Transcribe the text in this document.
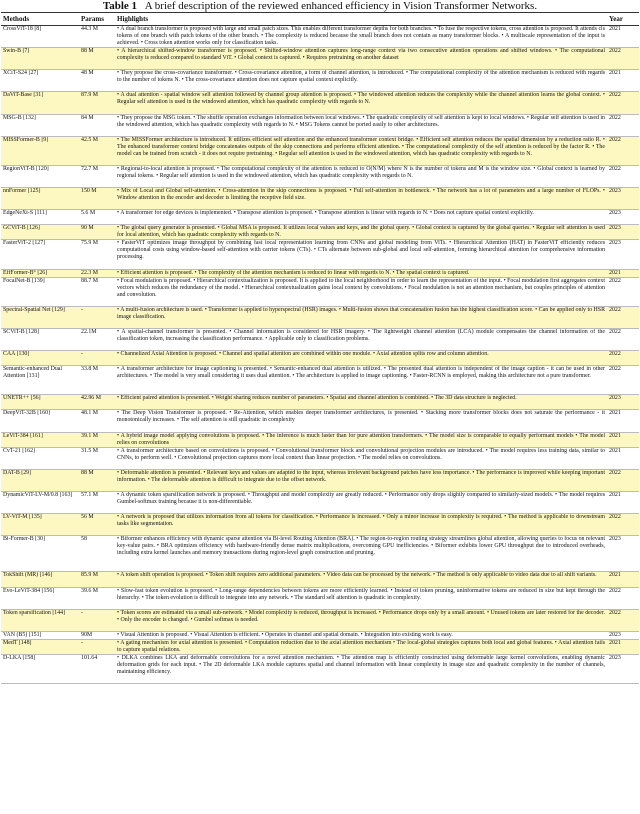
Table 1 A brief description of the reviewed enhanced efficiency in Vision Transformer Networks.
Methods	Params	Highlights	Year
CrossViT-18 [8]	44.3 M	• A dual branch transformer is proposed with large and small patch sizes. This enables different transformer depths for both branches. • To fuse the respective tokens, cross attention is proposed. It attends cls tokens of one branch with patch tokens of the other branch. • The complexity is reduced because the small branch does not contain as many transformer blocks. • A multiscale representation of the input is achieved. • Cross token attention works only for classification tasks.	2021
Swin-B [7]	88 M	• A hierarchical shifted-window transformer is proposed. • Shifted-window attention captures long-range context via two consecutive attention operations and shifted windows. • The computational complexity is reduced compared to standard ViT. • Global context is captured. • Requires pretraining on another dataset	2022
XCiT-S24 [27]	48 M	• They propose the cross-covariance transformer. • Cross-covariance attention, a form of channel attention, is introduced. • The computational complexity of the attention mechanism is reduced with regards to the number of tokens N. • The cross-covariance attention does not capture spatial context explicitly.	2021
DaViT-Base [31]	87.9 M	• A dual attention - spatial window self attention followed by channel group attention is proposed. • The windowed attention reduces the complexity while the channel attention learns the global context. • Regular self attention is used in the windowed attention, which has quadratic complexity with regards to N.	2022
MSG-B [132]	84 M	• They propose the MSG token. • The shuffle operation exchanges information between local windows. • The quadratic complexity of self attention is kept to local windows. • Regular self attention is used in the windowed attention, which has quadratic complexity with regards to N. • MSG Tokens cannot be ported easily to other architectures.	2022
MISSFormer-B [9]	42.5 M	• The MISSFormer architecture is introduced. It utilizes efficient self attention and the enhanced transformer context bridge. • Efficient self attention reduces the spatial dimension by a reduction ratio R. • The enhanced transformer context bridge concatenates outputs of the skip connections and performs efficient attention. • The computational complexity of the self attention is reduced by the factor R. • The model can be trained from scratch - it does not require pretraining. • Regular self attention is used in the windowed attention, which has quadratic complexity with regards to N.	2022
RegionViT-B [120]	72.7 M	• Regional-to-local attention is proposed. • The computational complexity of the attention is reduced to O(N/M) where N is the number of tokens and M is the window size. • Global context is learned by regional tokens. • Regular self attention is used in the windowed attention, which has quadratic complexity with regards to N.	2022
nnFormer [125]	150 M	• Mix of Local and Global self-attention. • Cross-attention in the skip connections is proposed. • Full self-attention in bottleneck. • The network has a lot of parameters and a large number of FLOPs. • Window attention in the encoder and decoder is limiting the receptive field size.	2023
EdgeNeXt-S [111]	5.6 M	• A transformer for edge devices is implemented. • Transpose attention is proposed. • Transpose attention is linear with regards to N. • Does not capture spatial context explicitly.	2023
GCViT-B [126]	90 M	• The global query generator is presented. • Global MSA is proposed. It utilizes local values and keys, and the global query. • Global context is captured by the global queries. • Regular self attention is used for local attention, which has quadratic complexity with regards to N.	2023
FasterViT-2 [127]	75.9 M	• FasterViT optimizes image throughput by combining fast local representation learning from CNNs and global modeling from ViTs. • Hierarchical Attention (HAT) in FasterViT efficiently reduces computational costs using window-based self-attention with carrier tokens (CTs). • CTs alternate between sub-global and local self-attention, forming hierarchical attention for comprehensive information processing.	2023
EffFormer-B° [26]	22.3 M	• Efficient attention is proposed. • The complexity of the attention mechanism is reduced to linear with regards to N. • The spatial context is captured.	2021
FocalNet-B [139]	88.7 M	• Focal modulation is proposed. • Hierarchical contextualization is proposed. It is applied to the local neighborhood in order to learn the representation of the input. • Focal modulation first aggregates context vectors which reduces the redundancy of the model. • Hierarchical contextualization gains local context by convolutions. • Focal modulation is not an attention mechanism, but couples principles of attention and convolution.	2022
Spectral-Spatial Net [129]	-	• A multi-fusion architecture is used. • Transformer is applied to hyperspectral (HSR) images. • Multi-fusion shows that concatenation fusion has the highest classification score. • Can be applied only to HSR image classification.	2022
SCViT-B [128]	22.1M	• A spatial-channel transformer is presented. • Channel information is considered for HSR imagery. • The lightweight channel attention (LCA) module compensates the channel information of the classification token, increasing the classification performance. • Applicable only to classification problems.	2022
CAA [130]	-	• Channelized Axial Attention is proposed. • Channel and spatial attention are combined within one module. • Axial attention splits row and column attention.	2022
Semantic-enhanced Dual Attention [131]	33.8 M	• A transformer architecture for image captioning is presented. • Semantic-enhanced dual attention is utilized. • The presented dual attention is independent of the image caption - it can be used in other architectures. • The model is very small considering it uses dual attention. • The architecture is applied to image captioning. • Faster-RCNN is employed, making this architecture not a pure transformer.	2022
UNETR++ [56]	42.96 M	• Efficient paired attention is presented. • Weight sharing reduces number of parameters. • Spatial and channel attention is combined. • The 3D data structure is neglected.	2023
DeepViT-32B [160]	48.1 M	• The Deep Vision Transformer is proposed. • Re-Attention, which enables deeper transformer architectures, is presented. • Stacking more transformer blocks does not saturate the performance - it monotonically increases. • The self attention is still quadratic in complexity	2021
LeViT-384 [161]	39.1 M	• A hybrid image model applying convolutions is proposed. • The inference is much faster than for pure attention transformers. • The model size is comparable to equally performant models • The model relies on convolutions	2021
CvT-21 [162]	31.5 M	• A transformer architecture based on convolutions is proposed. • Convolutional transformer block and convolutional projection modules are introduced. • The model requires less training data, similar to CNNs, to perform well. • Convolutional projection captures more local context than linear projection. • The model relies on convolutions.	2021
DAT-B [29]	88 M	• Deformable attention is presented. • Relevant keys and values are adapted to the input, whereas irrelevant background patches have less importance. • The performance is improved while keeping important information. • The deformable attention is difficult to integrate due to the offset network.	2022
DynamicViT-LV-M/0.8 [163]	57.1 M	• A dynamic token sparsification network is proposed. • Throughput and model complexity are greatly reduced. • Performance only drops slightly compared to similarly-sized models. • The model requires Gumbel-softmax training because it is non-differentiable.	2021
LV-ViT-M [135]	56 M	• A network is proposed that utilizes information from all tokens for classification. • Performance is increased. • Only a minor increase in complexity is required. • The method is applicable to downstream tasks like segmentation.	2022
Bi-Former-B [30]	58	• Biformer enhances efficiency with dynamic sparse attention via Bi-level Routing Attention (BRA). • The region-to-region routing strategy streamlines global attention, allowing queries to focus on relevant key-value pairs. • BRA optimizes efficiency with hardware-friendly dense matrix multiplications, overcoming GPU inefficiencies. • Biformer exhibits lower GPU throughput due to introduced overheads, including extra kernel launches and memory transactions during region-level graph construction and pruning.	2023
TokShift (MR) [146]	85.9 M	• A token shift operation is proposed. • Token shift requires zero additional parameters. • Video data can be processed by the network. • The method is only applicable to video data due to all shift variants.	2021
Evo-LeViT-384 [156]	39.6 M	• Slow-fast token evolution is proposed. • Long-range dependencies between tokens are more efficiently learned. • Instead of token pruning, uninformative tokens are reduced in size but kept through the hierarchy. • The token evolution is difficult to integrate into any network. • The standard self attention is quadratic in complexity.	2022
Token sparsification [144]	-	• Token scores are estimated via a small sub-network. • Model complexity is reduced, throughput is increased. • Performance drops only by a small amount. • Unused tokens are later restored for the decoder. • Only the encoder is changed. • Gumbel softmax is needed.	2022
VAN (B5) [151]	90M	• Visual Attention is proposed. • Visual Attention is efficient. • Operates in channel and spatial domain. • Integration into existing work is easy.	2023
MedT [148]	-	• A gating mechanism for axial attention is presented. • Computation reduction due to the axial attention mechanism • The local-global strategies captures both local and global features. • Axial attention fails to capture spatial relations.	2021
D-LKA [158]	101.64	• DLKA combines LKA and deformable convolutions for a novel attention mechanism. • The attention map is efficiently constructed using deformable large kernel convolutions, enabling dynamic deformation grids for each input. • The 2D deformable LKA module captures spatial and channel information with linear complexity in image size and quadratic complexity in the number of channels, maintaining efficiency.	2023
